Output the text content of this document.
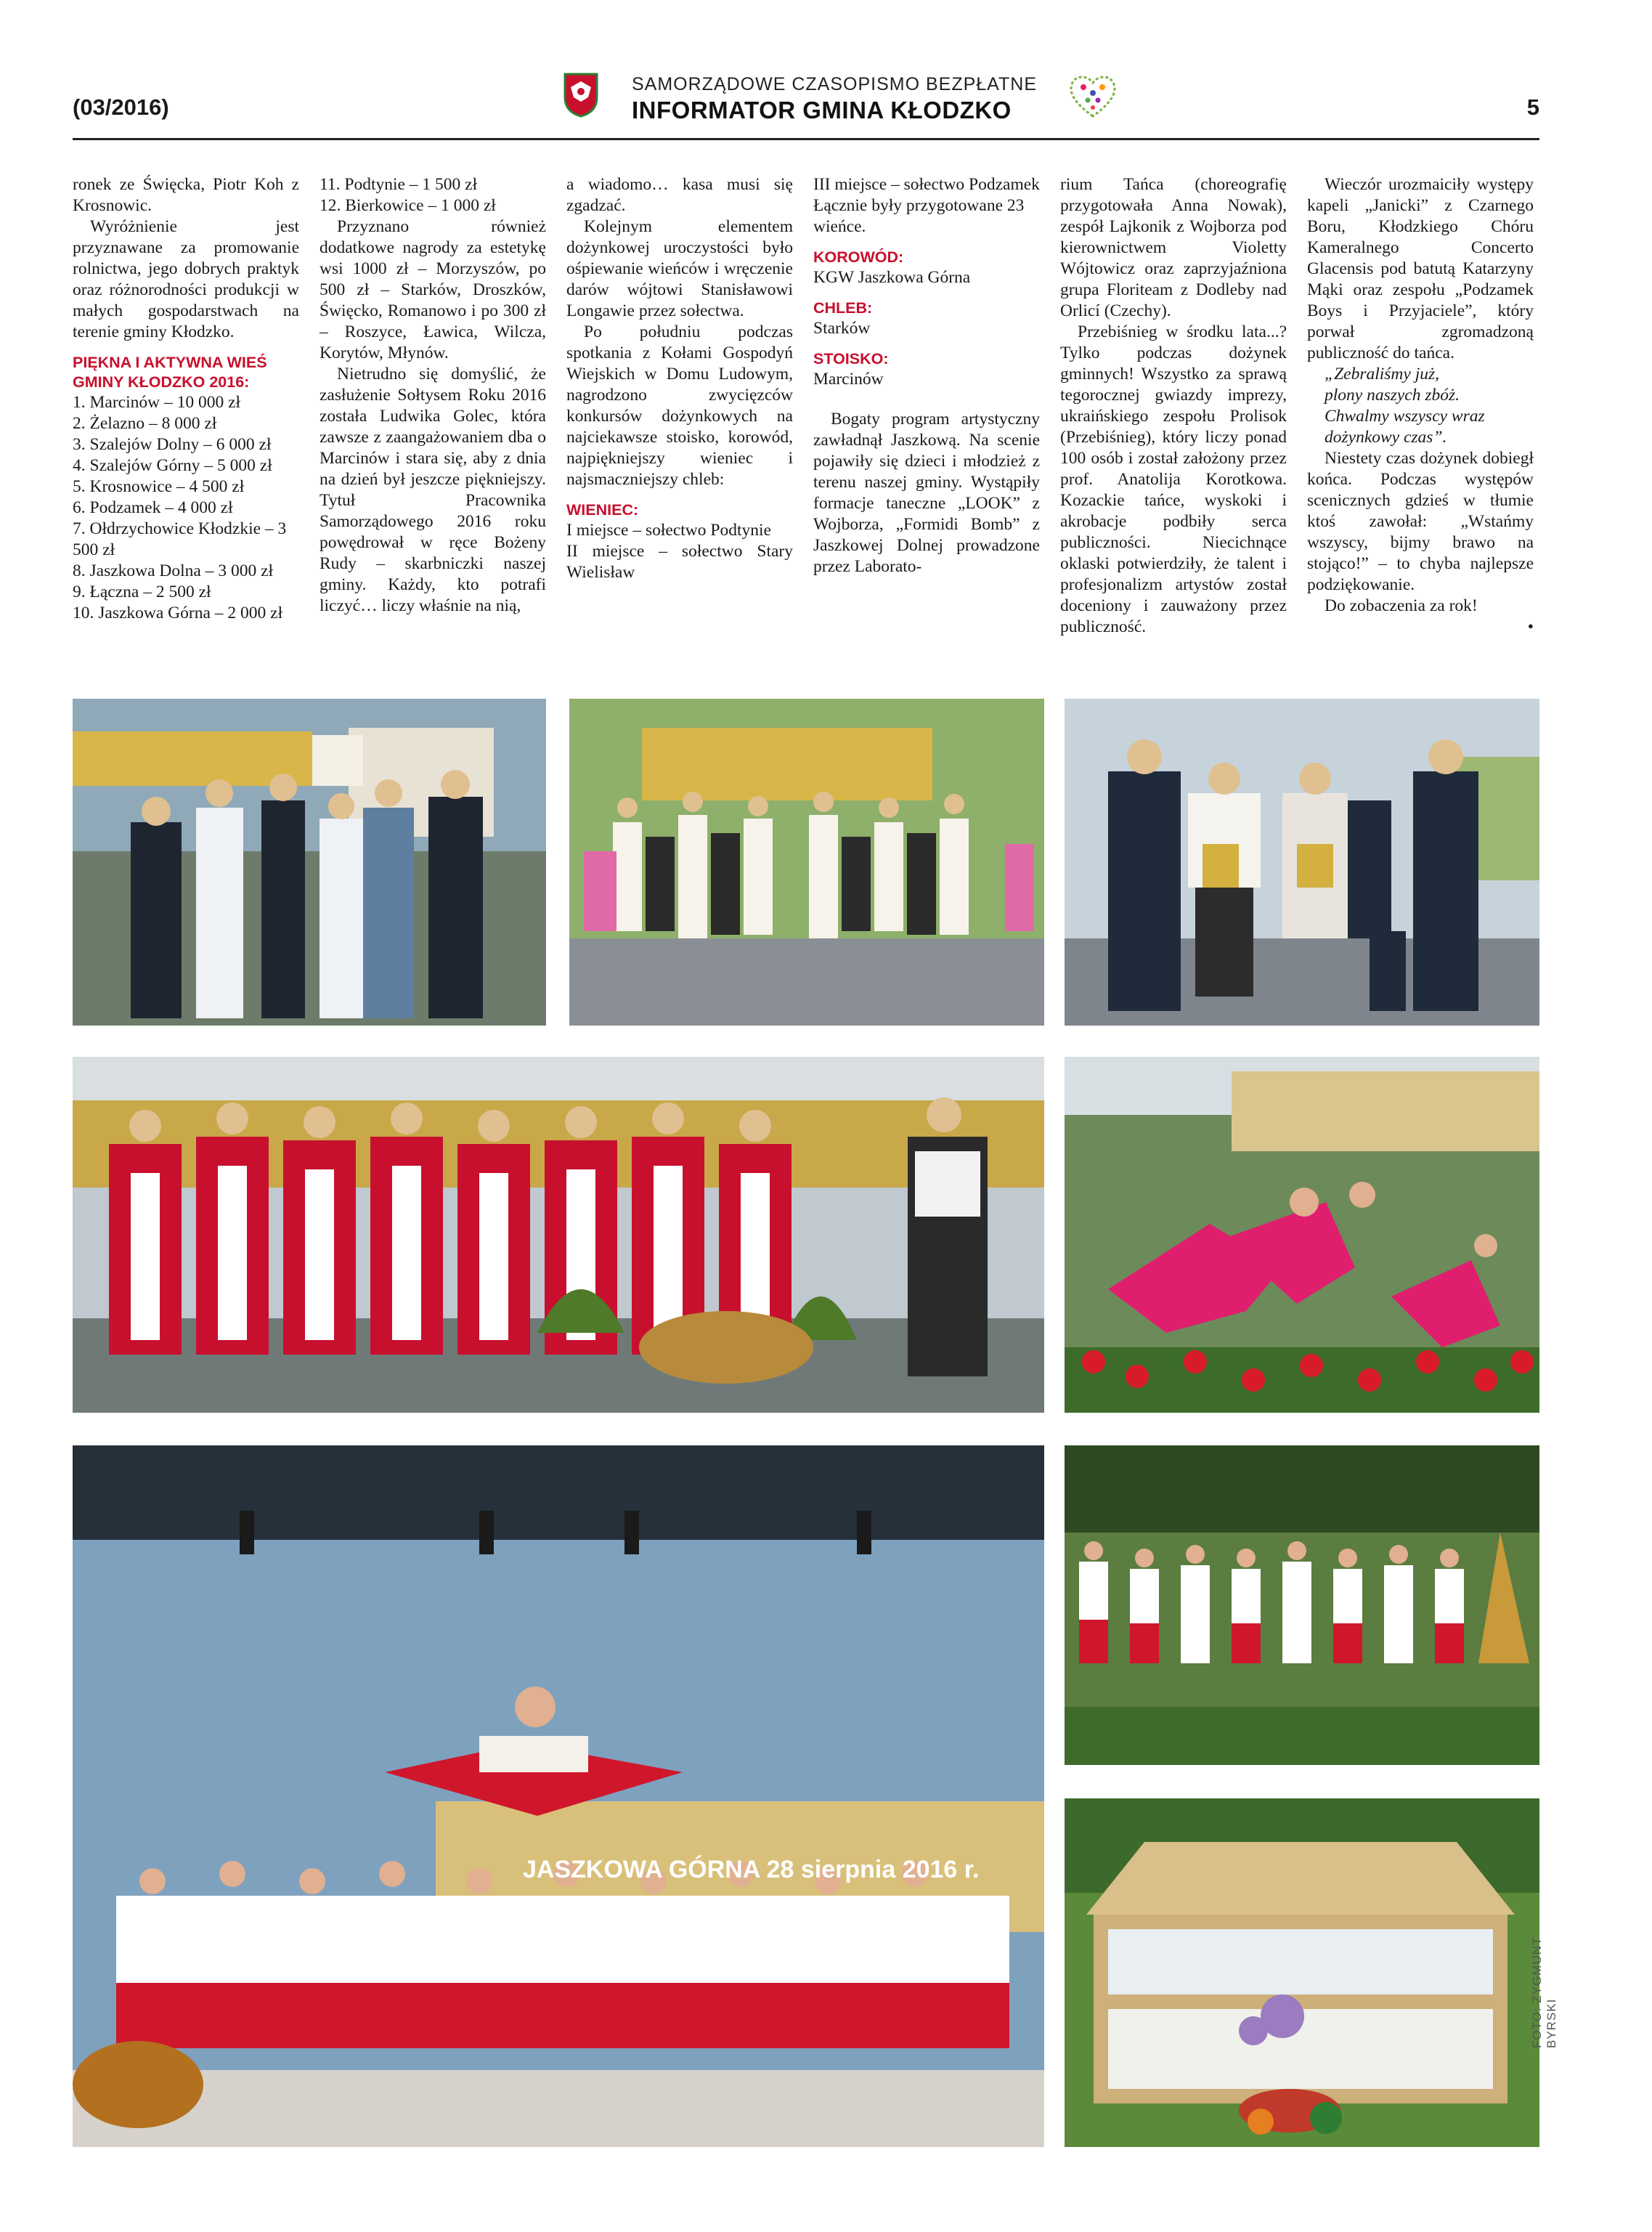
(03/2016)
SAMORZĄDOWE CZASOPISMO BEZPŁATNE
INFORMATOR GMINA KŁODZKO	5

ronek ze Święcka, Piotr Koh z Krosnowic.

Wyróżnienie jest przyznawane za promowanie rolnictwa, jego dobrych praktyk oraz różnorodności produkcji w małych gospodarstwach na terenie gminy Kłodzko.

PIĘKNA I AKTYWNA WIEŚ GMINY KŁODZKO 2016:

1. Marcinów – 10 000 zł

2. Żelazno – 8 000 zł

3. Szalejów Dolny – 6 000 zł

4. Szalejów Górny – 5 000 zł

5. Krosnowice – 4 500 zł

6. Podzamek – 4 000 zł

7. Ołdrzychowice Kłodzkie – 3 500 zł

8. Jaszkowa Dolna – 3 000 zł

9. Łączna – 2 500 zł

10. Jaszkowa Górna – 2 000 zł

11. Podtynie – 1 500 zł

12. Bierkowice – 1 000 zł

Przyznano również dodatkowe nagrody za estetykę wsi 1000 zł – Morzyszów, po 500 zł – Starków, Droszków, Święcko, Romanowo i po 300 zł – Roszyce, Ławica, Wilcza, Korytów, Młynów.

Nietrudno się domyślić, że zasłużenie Sołtysem Roku 2016 została Ludwika Golec, która zawsze z zaangażowaniem dba o Marcinów i stara się, aby z dnia na dzień był jeszcze piękniejszy. Tytuł Pracownika Samorządowego 2016 roku powędrował w ręce Bożeny Rudy – skarbniczki naszej gminy. Każdy, kto potrafi liczyć… liczy właśnie na nią,

a wiadomo… kasa musi się zgadzać.

Kolejnym elementem dożynkowej uroczystości było ośpiewanie wieńców i wręczenie darów wójtowi Stanisławowi Longawie przez sołectwa.

Po południu podczas spotkania z Kołami Gospodyń Wiejskich w Domu Ludowym, nagrodzono zwycięzców konkursów dożynkowych na najciekawsze stoisko, korowód, najpiękniejszy wieniec i najsmaczniejszy chleb:

WIENIEC:

I miejsce – sołectwo Podtynie

II miejsce – sołectwo Stary Wielisław

III miejsce – sołectwo Podzamek

Łącznie były przygotowane 23 wieńce.

KOROWÓD:

KGW Jaszkowa Górna

CHLEB:

Starków

STOISKO:

Marcinów

Bogaty program artystyczny zawładnął Jaszkową. Na scenie pojawiły się dzieci i młodzież z terenu naszej gminy. Wystąpiły formacje taneczne „LOOK” z Wojborza, „Formidi Bomb” z Jaszkowej Dolnej prowadzone przez Laborato-

rium Tańca (choreografię przygotowała Anna Nowak), zespół Lajkonik z Wojborza pod kierownictwem Violetty Wójtowicz oraz zaprzyjaźniona grupa Floriteam z Dodleby nad Orlicí (Czechy).

Przebiśnieg w środku lata...? Tylko podczas dożynek gminnych! Wszystko za sprawą tegorocznej gwiazdy imprezy, ukraińskiego zespołu Prolisok (Przebiśnieg), który liczy ponad 100 osób i został założony przez prof. Anatolija Korotkowa. Kozackie tańce, wyskoki i akrobacje podbiły serca publiczności. Niecichnące oklaski potwierdziły, że talent i profesjonalizm artystów został doceniony i zauważony przez publiczność.

Wieczór urozmaiciły występy kapeli „Janicki” z Czarnego Boru, Kłodzkiego Chóru Kameralnego Concerto Glacensis pod batutą Katarzyny Mąki oraz zespołu „Podzamek Boys i Przyjaciele”, który porwał zgromadzoną publiczność do tańca.

„Zebraliśmy już,

plony naszych zbóż.

Chwalmy wszyscy wraz

dożynkowy czas”.

Niestety czas dożynek dobiegł końca. Podczas występów scenicznych gdzieś w tłumie ktoś zawołał: „Wstańmy wszyscy, bijmy brawo na stojąco!” – to chyba najlepsze podziękowanie.

Do zobaczenia za rok!

•

JASZKOWA GÓRNA 28 sierpnia 2016 r.
FOTO: ZYGMUNT BYRSKI
